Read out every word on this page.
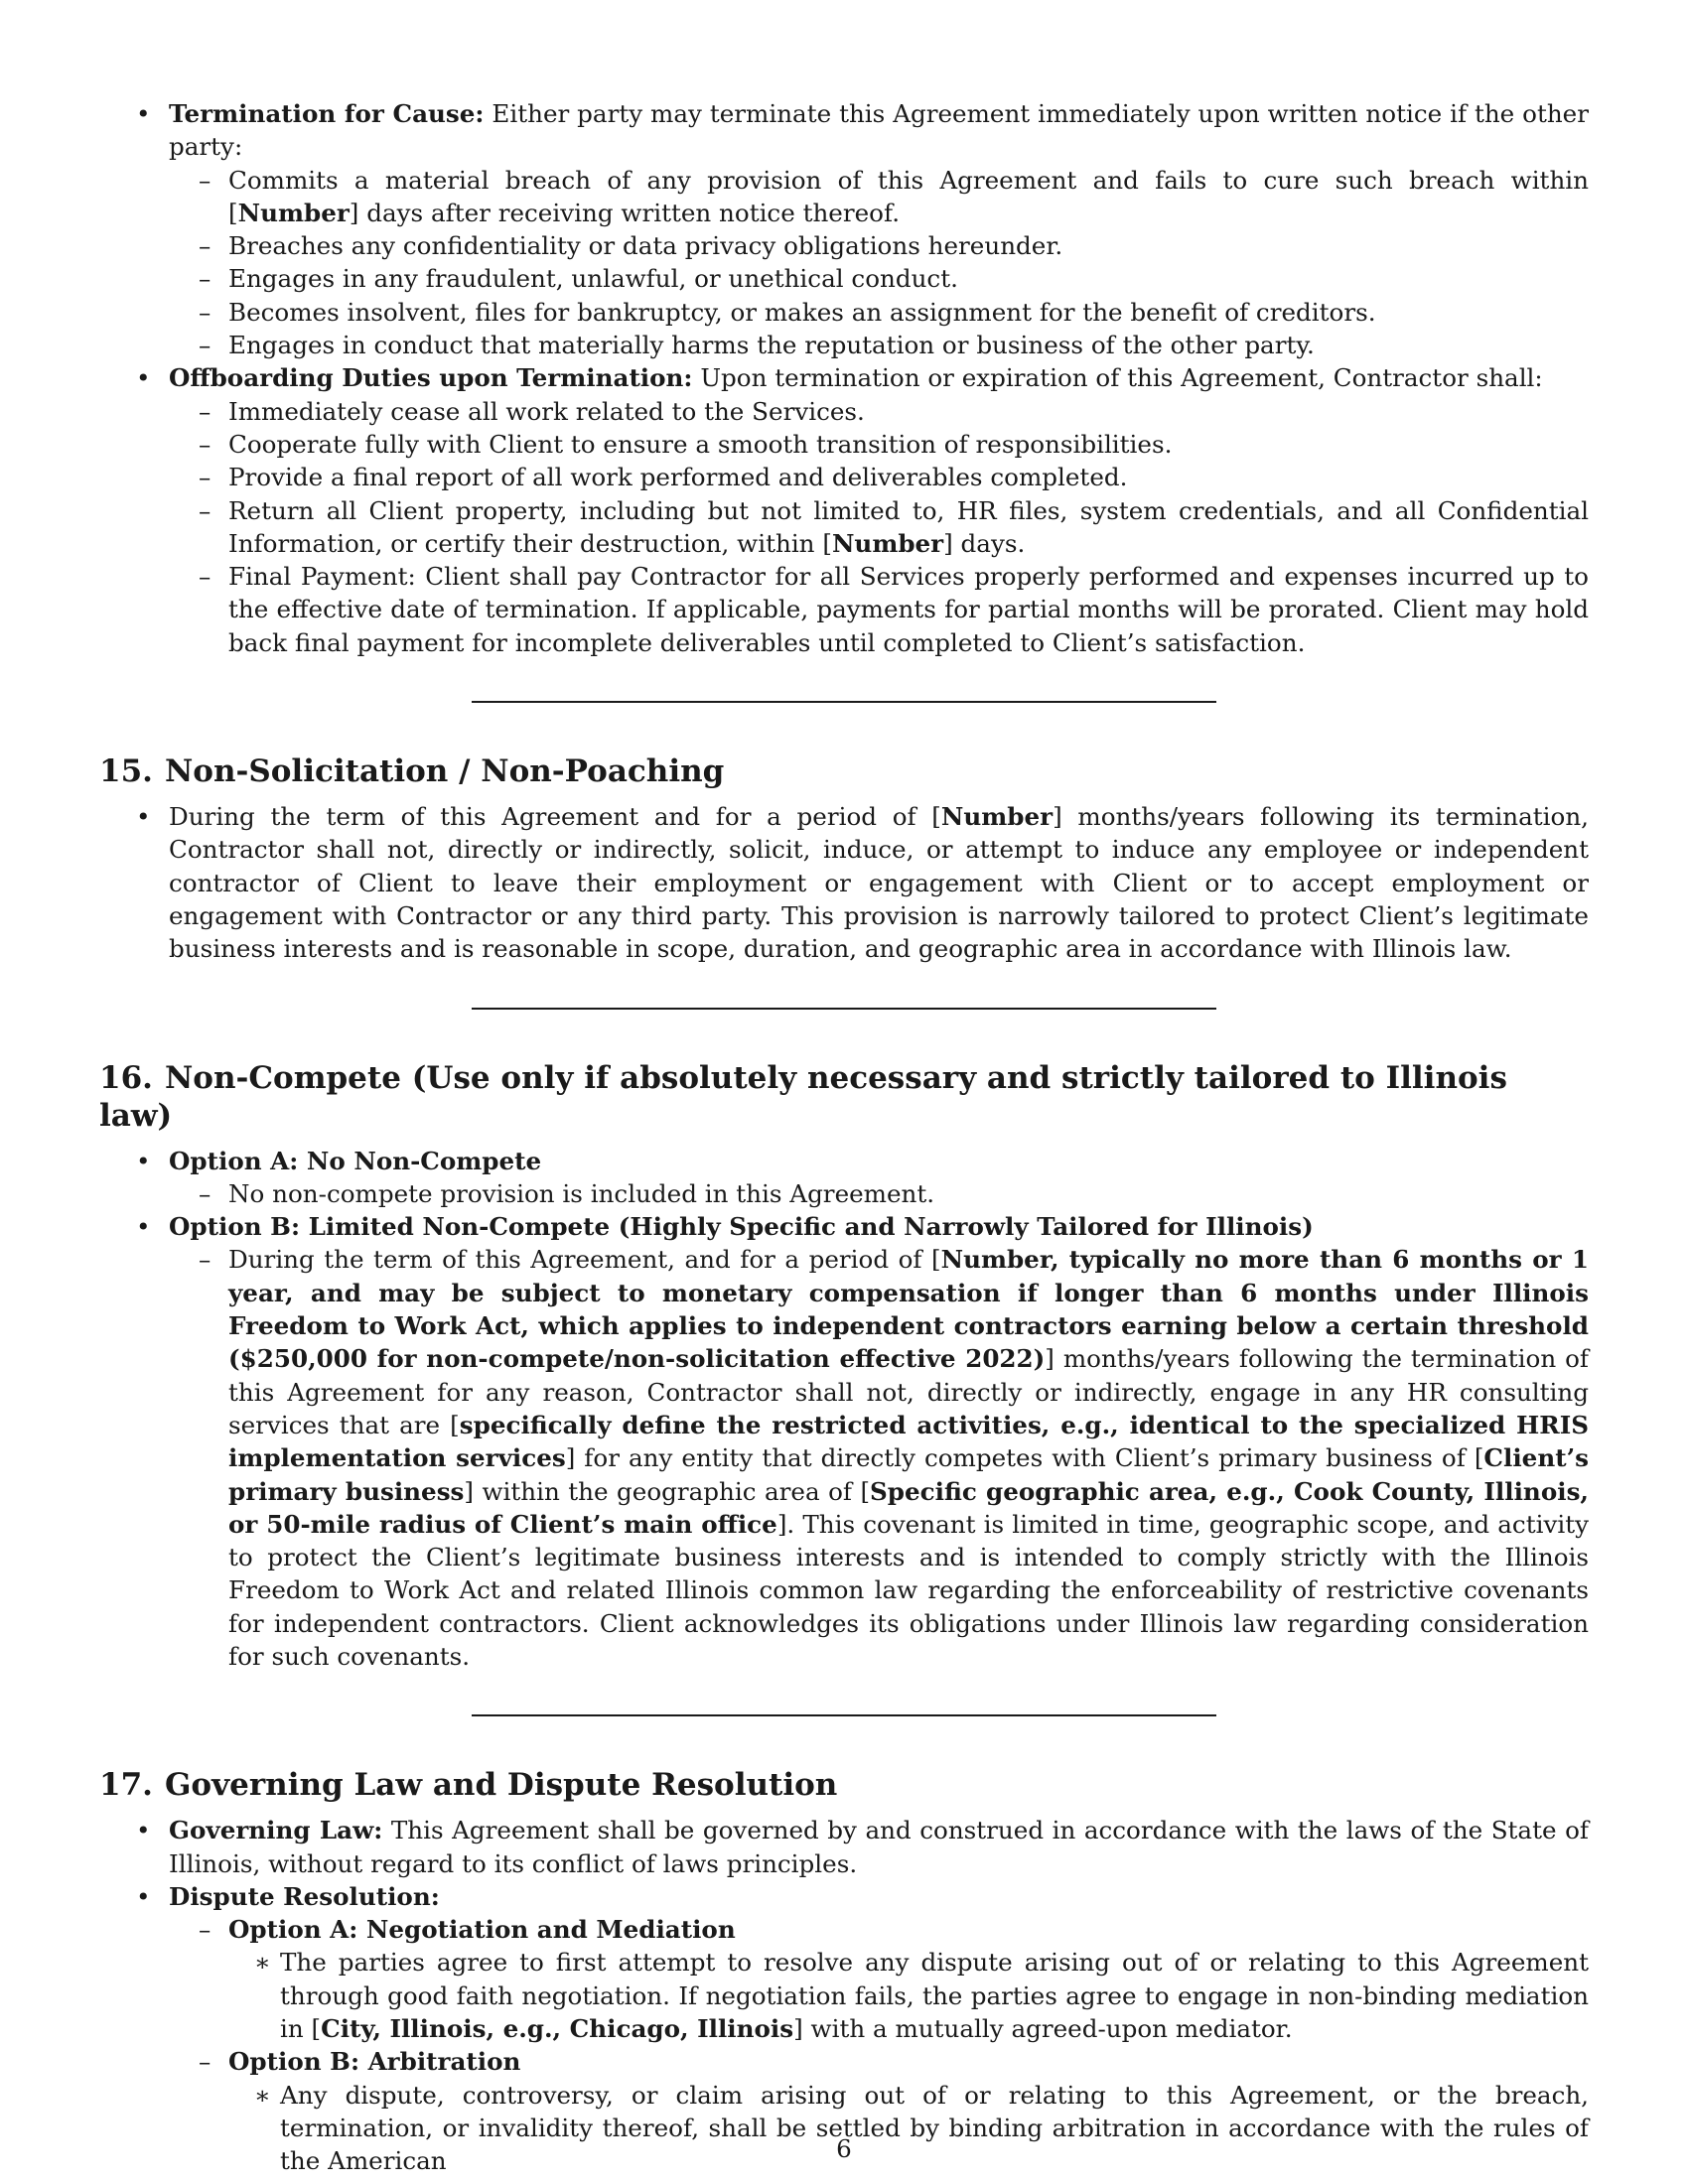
• Termination for Cause: Either party may terminate this Agreement immediately upon written notice if the other party:
– Commits a material breach of any provision of this Agreement and fails to cure such breach within [Number] days after receiving written notice thereof.
– Breaches any confidentiality or data privacy obligations hereunder.
– Engages in any fraudulent, unlawful, or unethical conduct.
– Becomes insolvent, files for bankruptcy, or makes an assignment for the benefit of creditors.
– Engages in conduct that materially harms the reputation or business of the other party.
• Offboarding Duties upon Termination: Upon termination or expiration of this Agreement, Contractor shall:
– Immediately cease all work related to the Services.
– Cooperate fully with Client to ensure a smooth transition of responsibilities.
– Provide a final report of all work performed and deliverables completed.
– Return all Client property, including but not limited to, HR files, system credentials, and all Confidential Information, or certify their destruction, within [Number] days.
– Final Payment: Client shall pay Contractor for all Services properly performed and expenses incurred up to the effective date of termination. If applicable, payments for partial months will be prorated. Client may hold back final payment for incomplete deliverables until completed to Client’s satisfaction.
15. Non-Solicitation / Non-Poaching
• During the term of this Agreement and for a period of [Number] months/years following its termination, Contractor shall not, directly or indirectly, solicit, induce, or attempt to induce any employee or independent contractor of Client to leave their employment or engagement with Client or to accept employment or engagement with Contractor or any third party. This provision is narrowly tailored to protect Client’s legitimate business interests and is reasonable in scope, duration, and geographic area in accordance with Illinois law.
16. Non-Compete (Use only if absolutely necessary and strictly tailored to Illinois law)
• Option A: No Non-Compete
– No non-compete provision is included in this Agreement.
• Option B: Limited Non-Compete (Highly Specific and Narrowly Tailored for Illinois)
– During the term of this Agreement, and for a period of [Number, typically no more than 6 months or 1 year, and may be subject to monetary compensation if longer than 6 months under Illinois Freedom to Work Act, which applies to independent contractors earning below a certain threshold ($250,000 for non-compete/non-solicitation effective 2022)] months/years following the termination of this Agreement for any reason, Contractor shall not, directly or indirectly, engage in any HR consulting services that are [specifically define the restricted activities, e.g., identical to the specialized HRIS implementation services] for any entity that directly competes with Client’s primary business of [Client’s primary business] within the geographic area of [Specific geographic area, e.g., Cook County, Illinois, or 50-mile radius of Client’s main office]. This covenant is limited in time, geographic scope, and activity to protect the Client’s legitimate business interests and is intended to comply strictly with the Illinois Freedom to Work Act and related Illinois common law regarding the enforceability of restrictive covenants for independent contractors. Client acknowledges its obligations under Illinois law regarding consideration for such covenants.
17. Governing Law and Dispute Resolution
• Governing Law: This Agreement shall be governed by and construed in accordance with the laws of the State of Illinois, without regard to its conflict of laws principles.
• Dispute Resolution:
– Option A: Negotiation and Mediation
∗ The parties agree to first attempt to resolve any dispute arising out of or relating to this Agreement through good faith negotiation. If negotiation fails, the parties agree to engage in non-binding mediation in [City, Illinois, e.g., Chicago, Illinois] with a mutually agreed-upon mediator.
– Option B: Arbitration
∗ Any dispute, controversy, or claim arising out of or relating to this Agreement, or the breach, termination, or invalidity thereof, shall be settled by binding arbitration in accordance with the rules of the American	6
